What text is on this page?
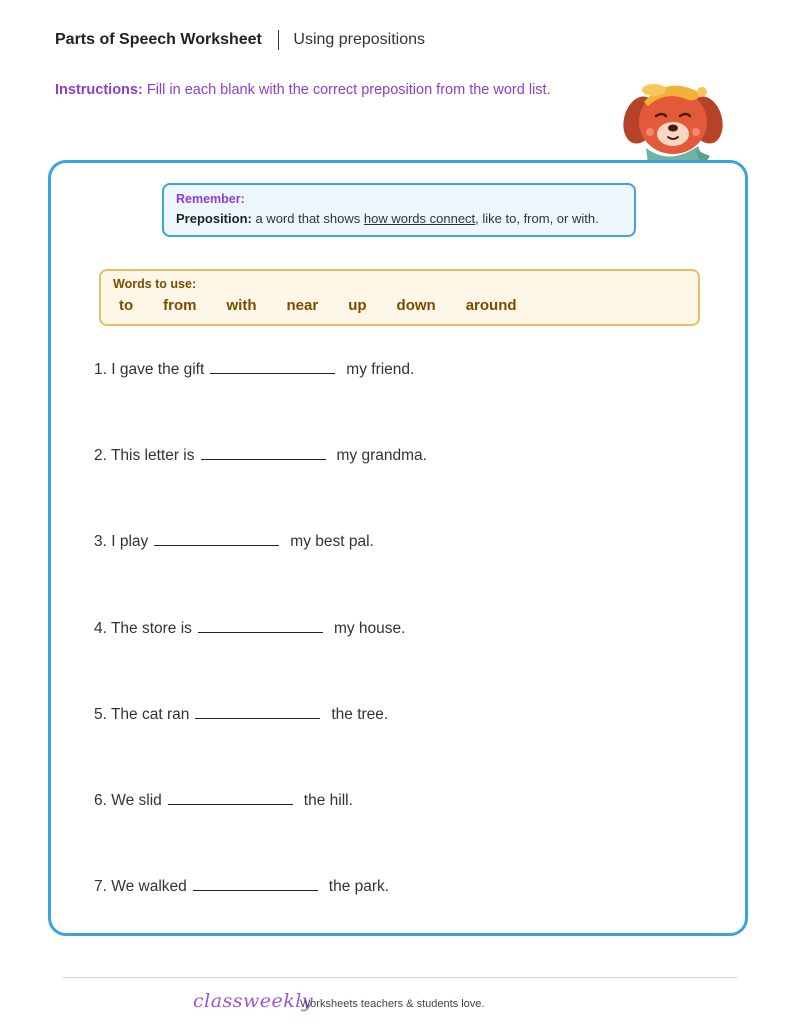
Parts of Speech Worksheet Using prepositions
Instructions: Fill in each blank with the correct preposition from the word list.
Remember:
Preposition: a word that shows how words connect, like to, from, or with.
Words to use:
to from with near up down around
1. I gave the gift	my friend.
2. This letter is	my grandma.
3. I play	my best pal.
4. The store is	my house.
5. The cat ran	the tree.
6. We slid	the hill.
7. We walked	the park.
classweekly
Worksheets teachers & students love.
